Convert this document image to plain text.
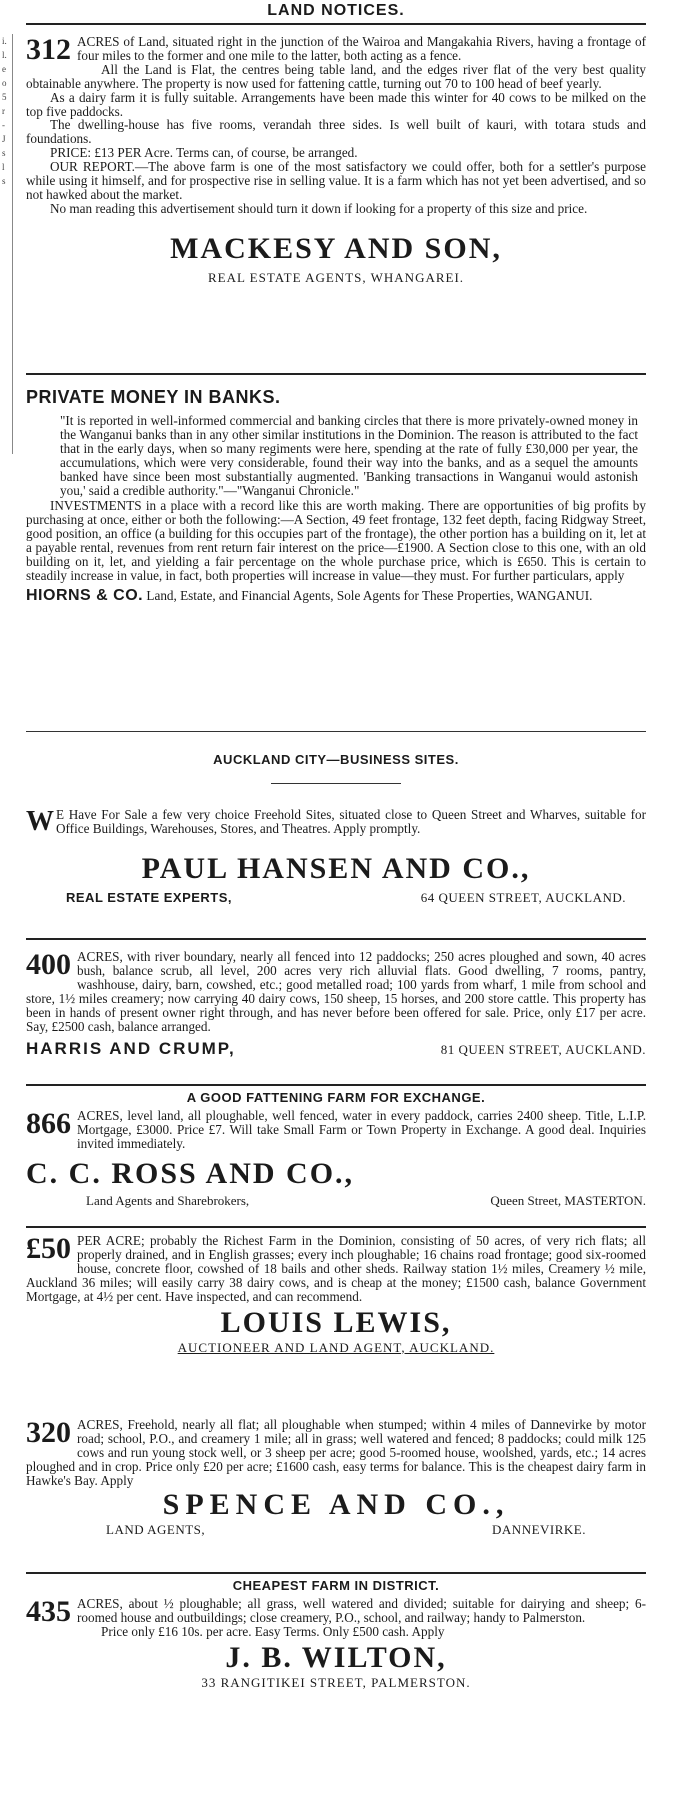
i.
l.
e
o
5
r
-
J
s
l
s
LAND NOTICES.
312 ACRES of Land, situated right in the junction of the Wairoa and Mangakahia Rivers, having a frontage of four miles to the former and one mile to the latter, both acting as a fence.

All the Land is Flat, the centres being table land, and the edges river flat of the very best quality obtainable anywhere. The property is now used for fattening cattle, turning out 70 to 100 head of beef yearly.

As a dairy farm it is fully suitable. Arrangements have been made this winter for 40 cows to be milked on the top five paddocks.

The dwelling-house has five rooms, verandah three sides. Is well built of kauri, with totara studs and foundations.

PRICE: £13 PER Acre. Terms can, of course, be arranged.

OUR REPORT.—The above farm is one of the most satisfactory we could offer, both for a settler's purpose while using it himself, and for prospective rise in selling value. It is a farm which has not yet been advertised, and so not hawked about the market.

No man reading this advertisement should turn it down if looking for a property of this size and price.

MACKESY AND SON,

REAL ESTATE AGENTS, WHANGAREI.

PRIVATE MONEY IN BANKS.

"It is reported in well-informed commercial and banking circles that there is more privately-owned money in the Wanganui banks than in any other similar institutions in the Dominion. The reason is attributed to the fact that in the early days, when so many regiments were here, spending at the rate of fully £30,000 per year, the accumulations, which were very considerable, found their way into the banks, and as a sequel the amounts banked have since been most substantially augmented. 'Banking transactions in Wanganui would astonish you,' said a credible authority."—"Wanganui Chronicle."

INVESTMENTS in a place with a record like this are worth making. There are opportunities of big profits by purchasing at once, either or both the following:—A Section, 49 feet frontage, 132 feet depth, facing Ridgway Street, good position, an office (a building for this occupies part of the frontage), the other portion has a building on it, let at a payable rental, revenues from rent return fair interest on the price—£1900. A Section close to this one, with an old building on it, let, and yielding a fair percentage on the whole purchase price, which is £650. This is certain to steadily increase in value, in fact, both properties will increase in value—they must. For further particulars, apply

HIORNS & CO. Land, Estate, and Financial Agents, Sole Agents for These Properties, WANGANUI.

AUCKLAND CITY—BUSINESS SITES.

W E Have For Sale a few very choice Freehold Sites, situated close to Queen Street and Wharves, suitable for Office Buildings, Warehouses, Stores, and Theatres. Apply promptly.

PAUL HANSEN AND CO.,

REAL ESTATE EXPERTS,	64 QUEEN STREET, AUCKLAND.
400 ACRES, with river boundary, nearly all fenced into 12 paddocks; 250 acres ploughed and sown, 40 acres bush, balance scrub, all level, 200 acres very rich alluvial flats. Good dwelling, 7 rooms, pantry, washhouse, dairy, barn, cowshed, etc.; good metalled road; 100 yards from wharf, 1 mile from school and store, 1½ miles creamery; now carrying 40 dairy cows, 150 sheep, 15 horses, and 200 store cattle. This property has been in hands of present owner right through, and has never before been offered for sale. Price, only £17 per acre. Say, £2500 cash, balance arranged.

HARRIS AND CRUMP,	81 QUEEN STREET, AUCKLAND.

A GOOD FATTENING FARM FOR EXCHANGE.

866 ACRES, level land, all ploughable, well fenced, water in every paddock, carries 2400 sheep. Title, L.I.P. Mortgage, £3000. Price £7. Will take Small Farm or Town Property in Exchange. A good deal. Inquiries invited immediately.

C. C. ROSS AND CO.,

Land Agents and Sharebrokers,	Queen Street, MASTERTON.
£50 PER ACRE; probably the Richest Farm in the Dominion, consisting of 50 acres, of very rich flats; all properly drained, and in English grasses; every inch ploughable; 16 chains road frontage; good six-roomed house, concrete floor, cowshed of 18 bails and other sheds. Railway station 1½ miles, Creamery ½ mile, Auckland 36 miles; will easily carry 38 dairy cows, and is cheap at the money; £1500 cash, balance Government Mortgage, at 4½ per cent. Have inspected, and can recommend.

LOUIS LEWIS,

AUCTIONEER AND LAND AGENT, AUCKLAND.

320 ACRES, Freehold, nearly all flat; all ploughable when stumped; within 4 miles of Dannevirke by motor road; school, P.O., and creamery 1 mile; all in grass; well watered and fenced; 8 paddocks; could milk 125 cows and run young stock well, or 3 sheep per acre; good 5-roomed house, woolshed, yards, etc.; 14 acres ploughed and in crop. Price only £20 per acre; £1600 cash, easy terms for balance. This is the cheapest dairy farm in Hawke's Bay. Apply

SPENCE AND CO.,

LAND AGENTS,	DANNEVIRKE.

CHEAPEST FARM IN DISTRICT.

435 ACRES, about ½ ploughable; all grass, well watered and divided; suitable for dairying and sheep; 6-roomed house and outbuildings; close creamery, P.O., school, and railway; handy to Palmerston.

Price only £16 10s. per acre. Easy Terms. Only £500 cash. Apply

J. B. WILTON,

33 RANGITIKEI STREET, PALMERSTON.
